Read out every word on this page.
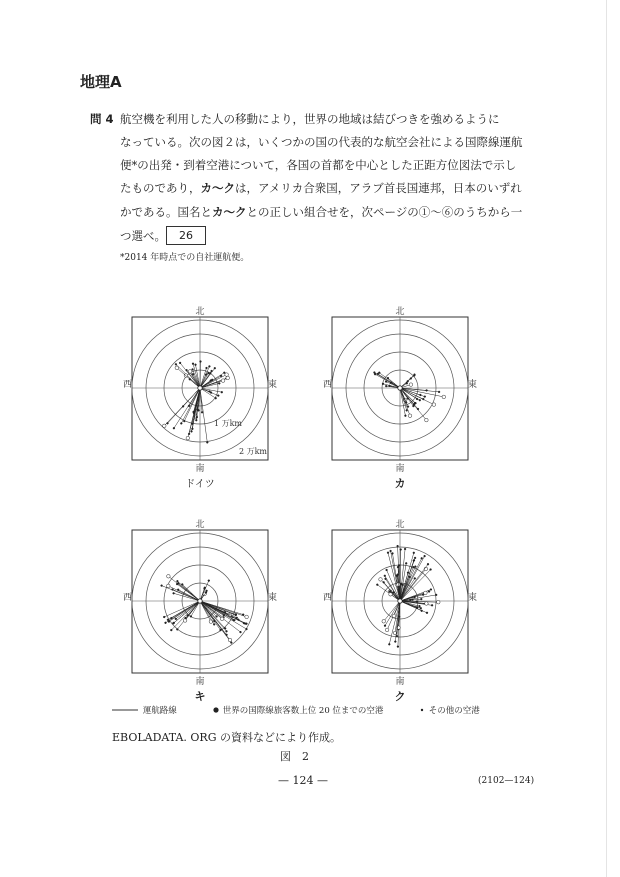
地理A
問 4 航空機を利用した人の移動により，世界の地域は結びつきを強めるように
なっている。次の図２は，いくつかの国の代表的な航空会社による国際線運航
便*の出発・到着空港について，各国の首都を中心とした正距方位図法で示し
たものであり，カ～クは，アメリカ合衆国，アラブ首長国連邦，日本のいずれ
かである。国名とカ～クとの正しい組合せを，次ページの①～⑥のうちから一
つ選べ。	26
*2014 年時点での自社運航便。
北
南
西	東
1 万km
2 万km
北
南
西	東
北
南
西	東
北
南
西	東
ドイツ	カ
キ	ク
運航路線	世界の国際線旅客数上位 20 位までの空港	その他の空港
EBOLADATA. ORG の資料などにより作成。
図　2
— 124 —	(2102—124)
